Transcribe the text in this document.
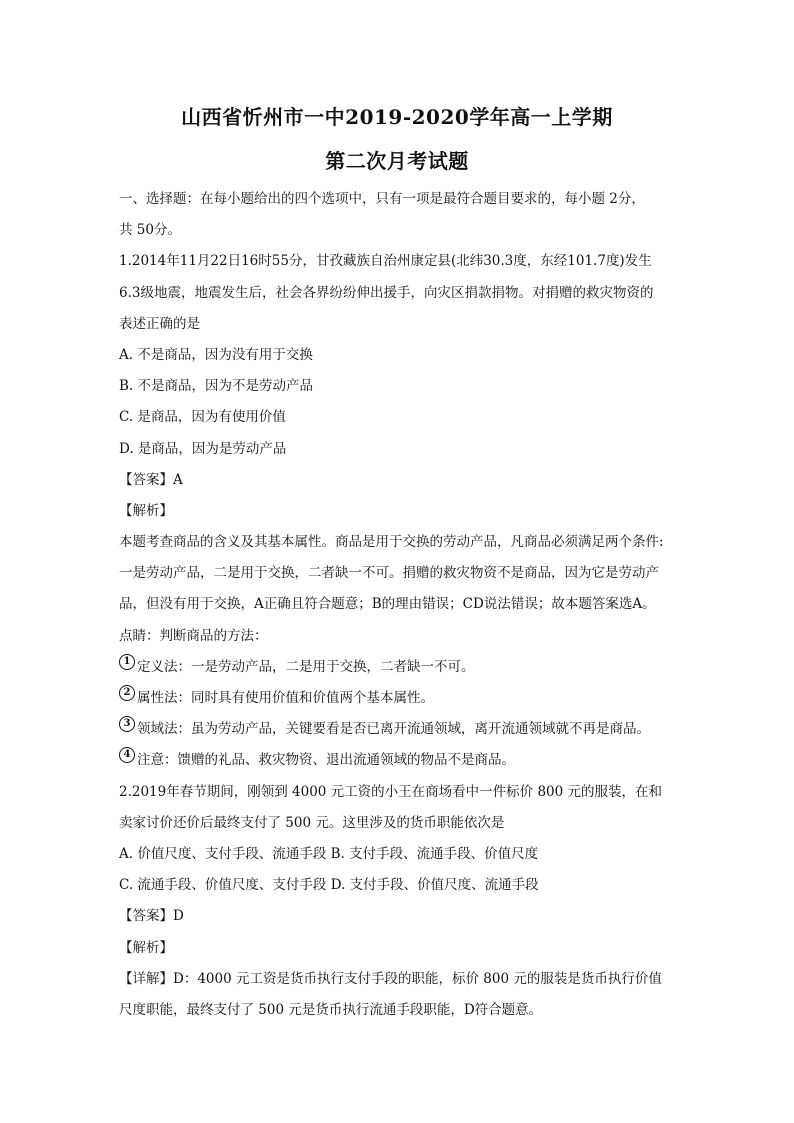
山西省忻州市一中2019-2020学年高一上学期
第二次月考试题
一、选择题：在每小题给出的四个选项中，只有一项是最符合题目要求的，每小题 2分，
共 50分。
1.2014年11月22日16时55分，甘孜藏族自治州康定县(北纬30.3度，东经101.7度)发生
6.3级地震，地震发生后，社会各界纷纷伸出援手，向灾区捐款捐物。对捐赠的救灾物资的
表述正确的是
A. 不是商品，因为没有用于交换
B. 不是商品，因为不是劳动产品
C. 是商品，因为有使用价值
D. 是商品，因为是劳动产品
【答案】A
【解析】
本题考查商品的含义及其基本属性。商品是用于交换的劳动产品，凡商品必须满足两个条件:
一是劳动产品，二是用于交换，二者缺一不可。捐赠的救灾物资不是商品，因为它是劳动产
品，但没有用于交换，A正确且符合题意；B的理由错误；CD说法错误；故本题答案选A。
点睛：判断商品的方法：
1 定义法：一是劳动产品，二是用于交换，二者缺一不可。
2 属性法：同时具有使用价值和价值两个基本属性。
3 领域法：虽为劳动产品，关键要看是否已离开流通领域，离开流通领域就不再是商品。
4 注意：馈赠的礼品、救灾物资、退出流通领域的物品不是商品。
2.2019年春节期间，刚领到 4000 元工资的小王在商场看中一件标价 800 元的服装，在和
卖家讨价还价后最终支付了 500 元。这里涉及的货币职能依次是
A. 价值尺度、支付手段、流通手段 B. 支付手段、流通手段、价值尺度
C. 流通手段、价值尺度、支付手段 D. 支付手段、价值尺度、流通手段
【答案】D
【解析】
【详解】D：4000 元工资是货币执行支付手段的职能，标价 800 元的服装是货币执行价值
尺度职能，最终支付了 500 元是货币执行流通手段职能，D符合题意。
